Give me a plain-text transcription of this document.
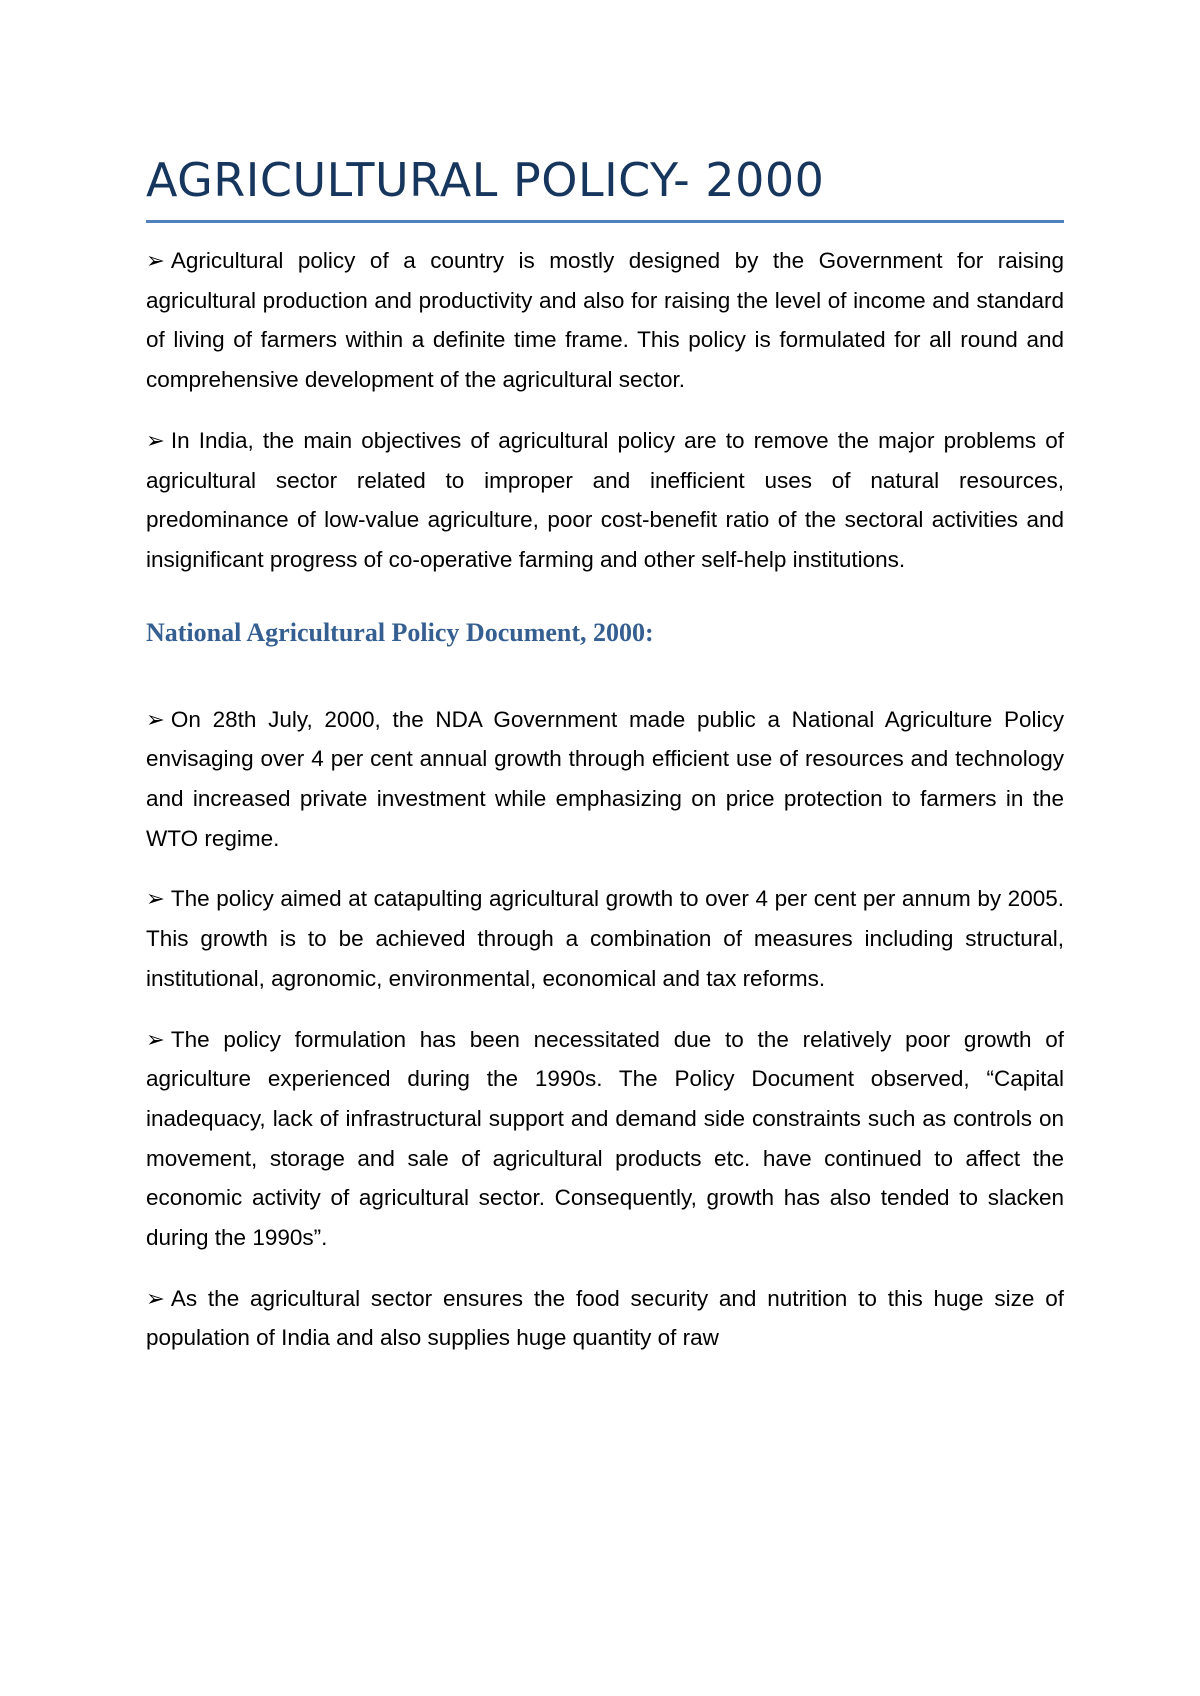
AGRICULTURAL POLICY- 2000

➢ Agricultural policy of a country is mostly designed by the Government for raising agricultural production and productivity and also for raising the level of income and standard of living of farmers within a definite time frame. This policy is formulated for all round and comprehensive development of the agricultural sector.

➢ In India, the main objectives of agricultural policy are to remove the major problems of agricultural sector related to improper and inefficient uses of natural resources, predominance of low-value agriculture, poor cost-benefit ratio of the sectoral activities and insignificant progress of co-operative farming and other self-help institutions.

National Agricultural Policy Document, 2000:

➢ On 28th July, 2000, the NDA Government made public a National Agriculture Policy envisaging over 4 per cent annual growth through efficient use of resources and technology and increased private investment while emphasizing on price protection to farmers in the WTO regime.

➢ The policy aimed at catapulting agricultural growth to over 4 per cent per annum by 2005. This growth is to be achieved through a combination of measures including structural, institutional, agronomic, environmental, economical and tax reforms.

➢ The policy formulation has been necessitated due to the relatively poor growth of agriculture experienced during the 1990s. The Policy Document observed, “Capital inadequacy, lack of infrastructural support and demand side constraints such as controls on movement, storage and sale of agricultural products etc. have continued to affect the economic activity of agricultural sector. Consequently, growth has also tended to slacken during the 1990s”.

➢ As the agricultural sector ensures the food security and nutrition to this huge size of population of India and also supplies huge quantity of raw
